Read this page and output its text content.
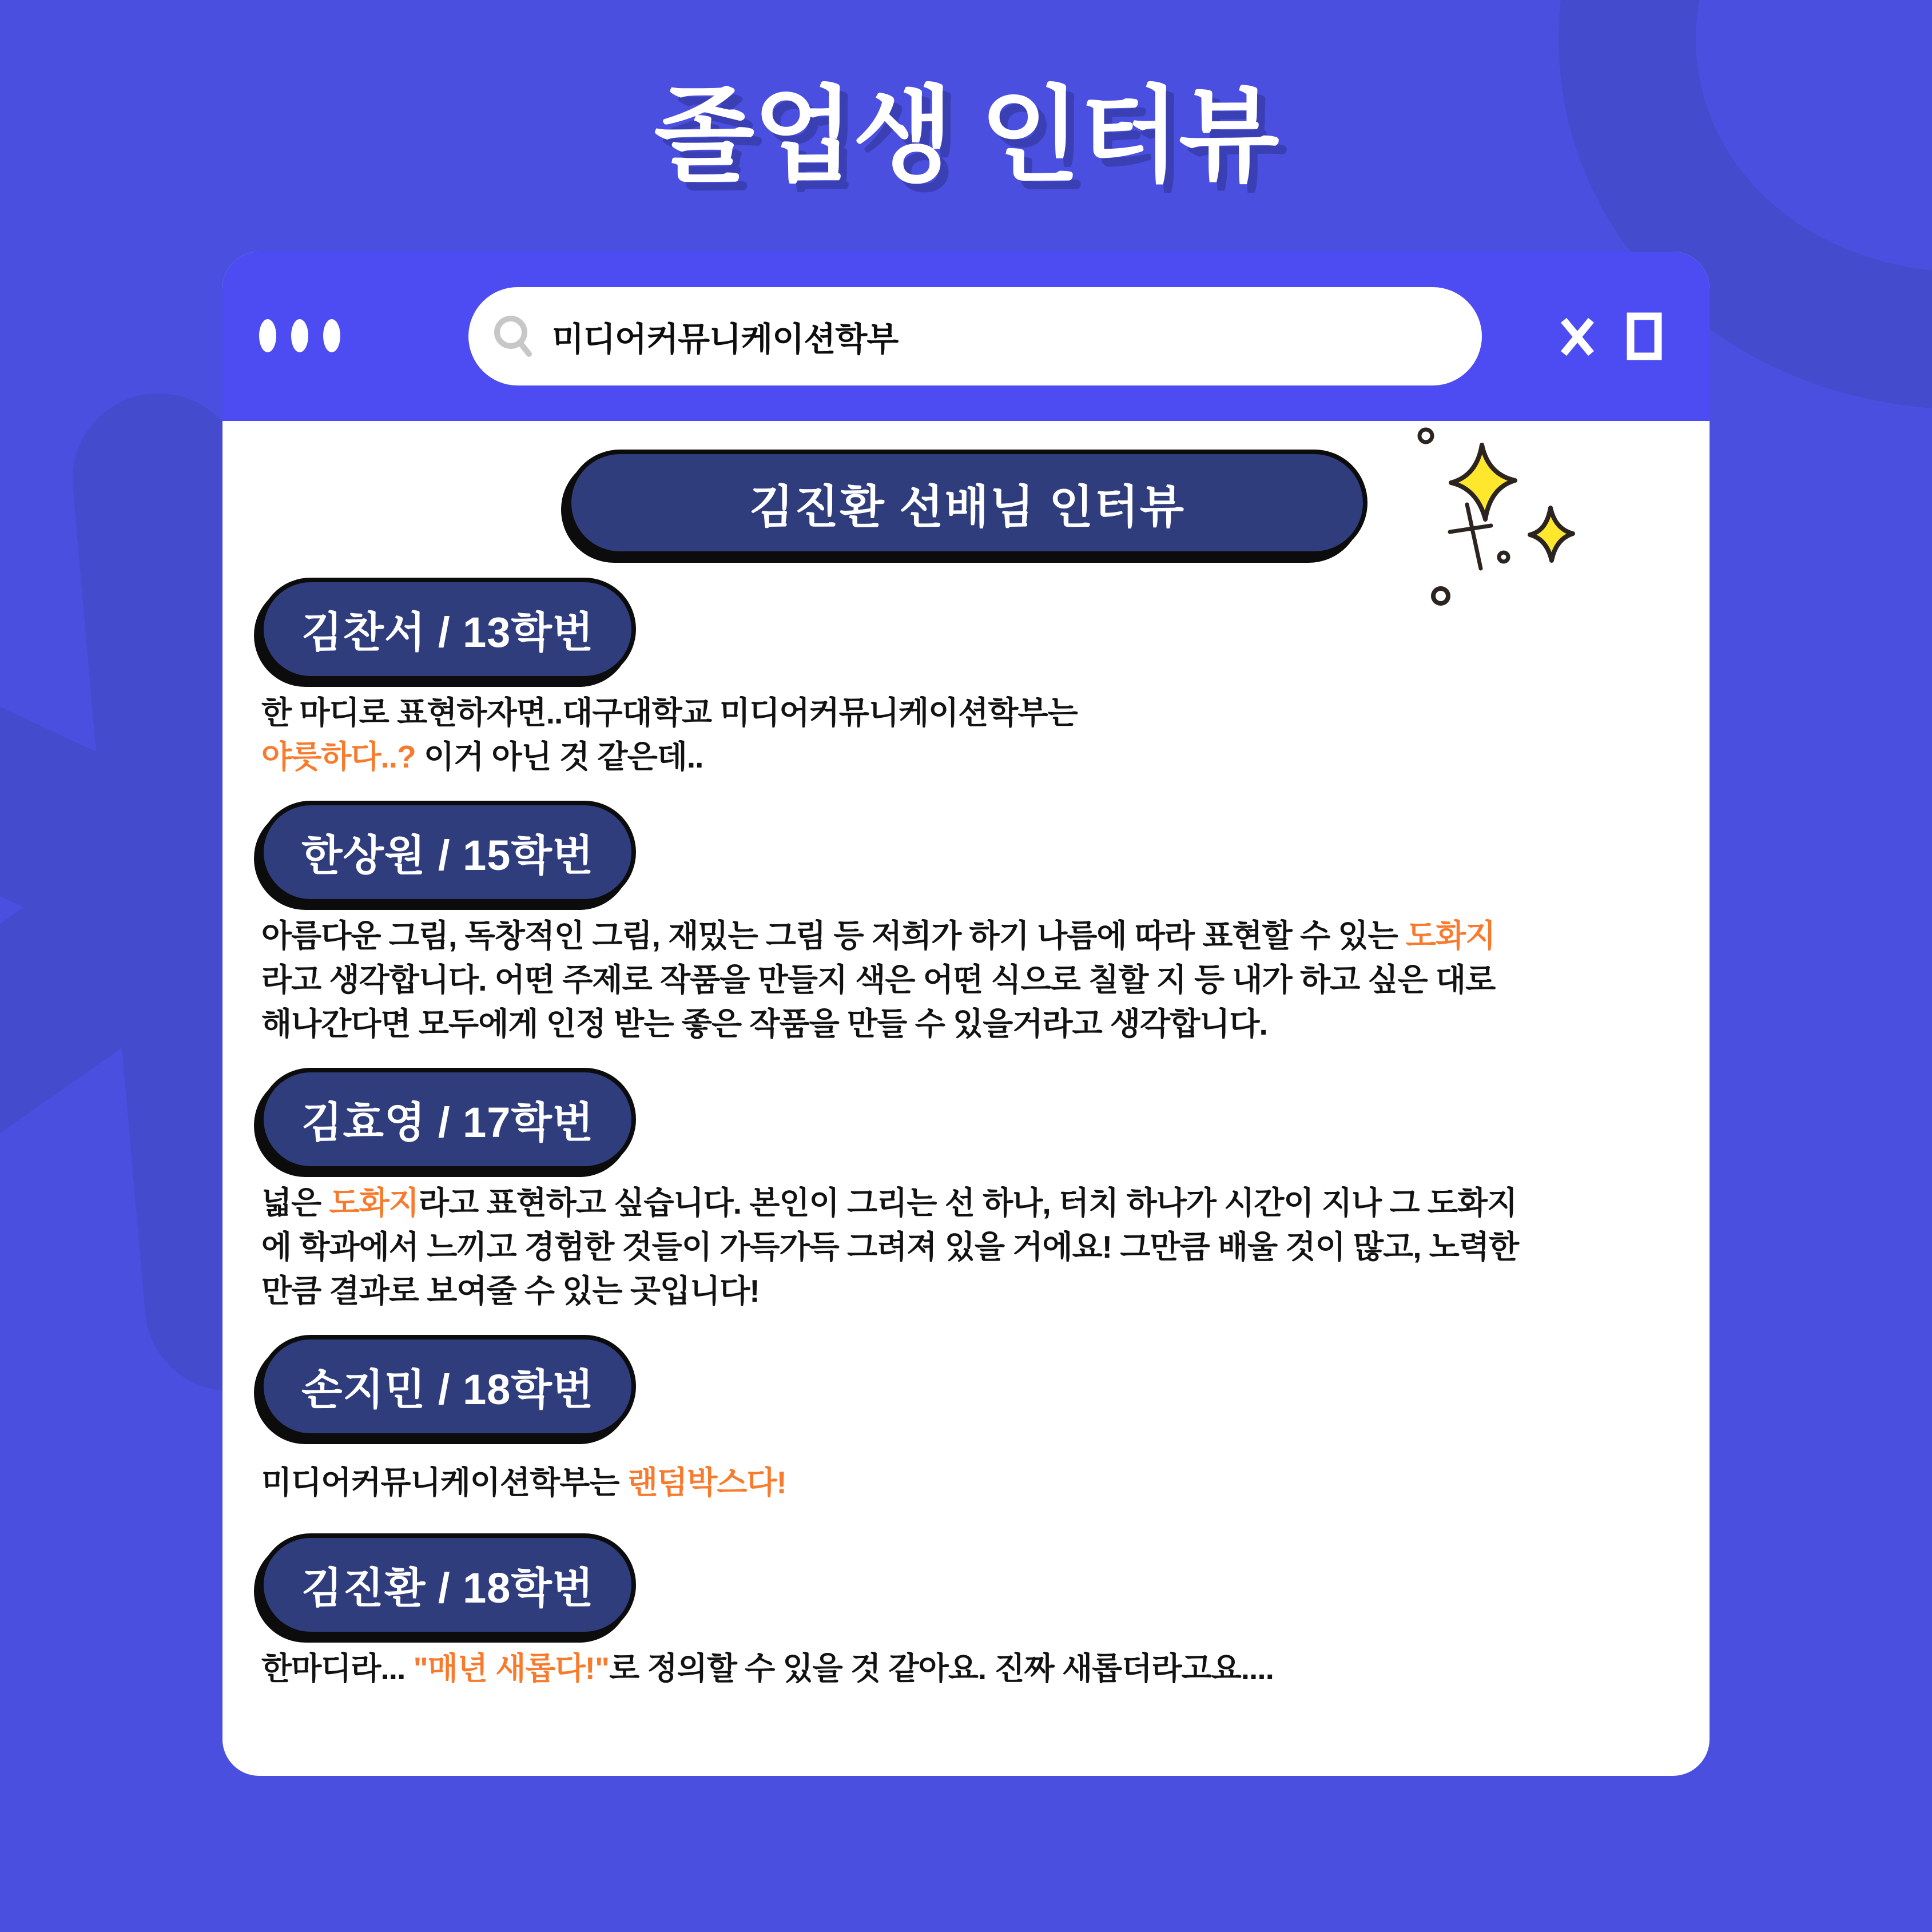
졸업생 인터뷰
미디어커뮤니케이션학부
김진환 선배님 인터뷰
김찬서 / 13학번

한 마디로 표현하자면..대구대학교 미디어커뮤니케이션학부는
야릇하다..? 이거 아닌 것 같은데..

한상원 / 15학번

아름다운 그림, 독창적인 그림, 재밌는 그림 등 저희가 하기 나름에 따라 표현할 수 있는 도화지라고 생각합니다. 어떤 주제로 작품을 만들지 색은 어떤 식으로 칠할 지 등 내가 하고 싶은 대로 해나간다면 모두에게 인정 받는 좋은 작품을 만들 수 있을거라고 생각합니다.

김효영 / 17학번

넓은 도화지라고 표현하고 싶습니다. 본인이 그리는 선 하나, 터치 하나가 시간이 지나 그 도화지에 학과에서 느끼고 경험한 것들이 가득가득 그려져 있을 거에요! 그만큼 배울 것이 많고, 노력한 만큼 결과로 보여줄 수 있는 곳입니다!

손지민 / 18학번

미디어커뮤니케이션학부는 랜덤박스다!

김진환 / 18학번

한마디라... "매년 새롭다!"로 정의할 수 있을 것 같아요. 진짜 새롭더라고요....
